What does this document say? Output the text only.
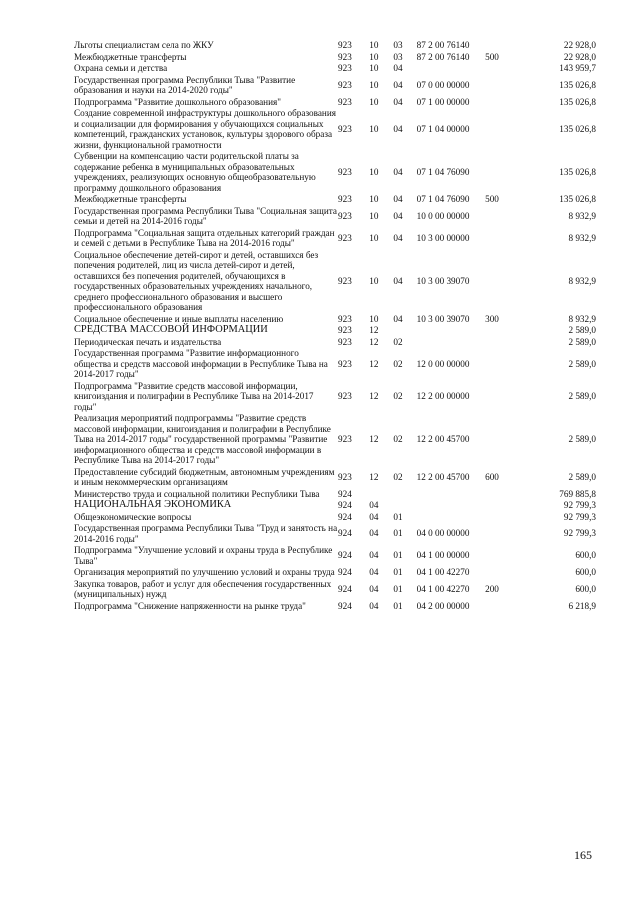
Льготы специалистам села по ЖКУ	923	10	03	87 2 00 76140		22 928,0
Межбюджетные трансферты	923	10	03	87 2 00 76140	500	22 928,0
Охрана семьи и детства	923	10	04			143 959,7
Государственная программа Республики Тыва "Развитие образования и науки на 2014-2020 годы"	923	10	04	07 0 00 00000		135 026,8
Подпрограмма "Развитие дошкольного образования"	923	10	04	07 1 00 00000		135 026,8
Создание современной инфраструктуры дошкольного образования и социализации для формирования у обучающихся социальных компетенций, гражданских установок, культуры здорового образа жизни, функциональной грамотности	923	10	04	07 1 04 00000		135 026,8
Субвенции на компенсацию части родительской платы за содержание ребенка в муниципальных образовательных учреждениях, реализующих основную общеобразовательную программу дошкольного образования	923	10	04	07 1 04 76090		135 026,8
Межбюджетные трансферты	923	10	04	07 1 04 76090	500	135 026,8
Государственная программа Республики Тыва "Социальная защита семьи и детей на 2014-2016 годы"	923	10	04	10 0 00 00000		8 932,9
Подпрограмма "Социальная защита отдельных категорий граждан и семей с детьми в Республике Тыва на 2014-2016 годы"	923	10	04	10 3 00 00000		8 932,9
Социальное обеспечение детей-сирот и детей, оставшихся без попечения родителей, лиц из числа детей-сирот и детей, оставшихся без попечения родителей, обучающихся в государственных образовательных учреждениях начального, среднего профессионального образования и высшего профессионального образования	923	10	04	10 3 00 39070		8 932,9
Социальное обеспечение и иные выплаты населению	923	10	04	10 3 00 39070	300	8 932,9
СРЕДСТВА МАССОВОЙ ИНФОРМАЦИИ	923	12				2 589,0
Периодическая печать и издательства	923	12	02			2 589,0
Государственная программа "Развитие информационного общества и средств массовой информации в Республике Тыва на 2014-2017 годы"	923	12	02	12 0 00 00000		2 589,0
Подпрограмма "Развитие средств массовой информации, книгоиздания и полиграфии в Республике Тыва на 2014-2017 годы"	923	12	02	12 2 00 00000		2 589,0
Реализация мероприятий подпрограммы "Развитие средств массовой информации, книгоиздания и полиграфии в Республике Тыва на 2014-2017 годы" государственной программы "Развитие информационного общества и средств массовой информации в Республике Тыва на 2014-2017 годы"	923	12	02	12 2 00 45700		2 589,0
Предоставление субсидий бюджетным, автономным учреждениям и иным некоммерческим организациям	923	12	02	12 2 00 45700	600	2 589,0
Министерство труда и социальной политики Республики Тыва	924					769 885,8
НАЦИОНАЛЬНАЯ ЭКОНОМИКА	924	04				92 799,3
Общеэкономические вопросы	924	04	01			92 799,3
Государственная программа Республики Тыва "Труд и занятость на 2014-2016 годы"	924	04	01	04 0 00 00000		92 799,3
Подпрограмма "Улучшение условий и охраны труда в Республике Тыва"	924	04	01	04 1 00 00000		600,0
Организация мероприятий по улучшению условий и охраны труда	924	04	01	04 1 00 42270		600,0
Закупка товаров, работ и услуг для обеспечения государственных (муниципальных) нужд	924	04	01	04 1 00 42270	200	600,0
Подпрограмма "Снижение напряженности на рынке труда"	924	04	01	04 2 00 00000		6 218,9
165
